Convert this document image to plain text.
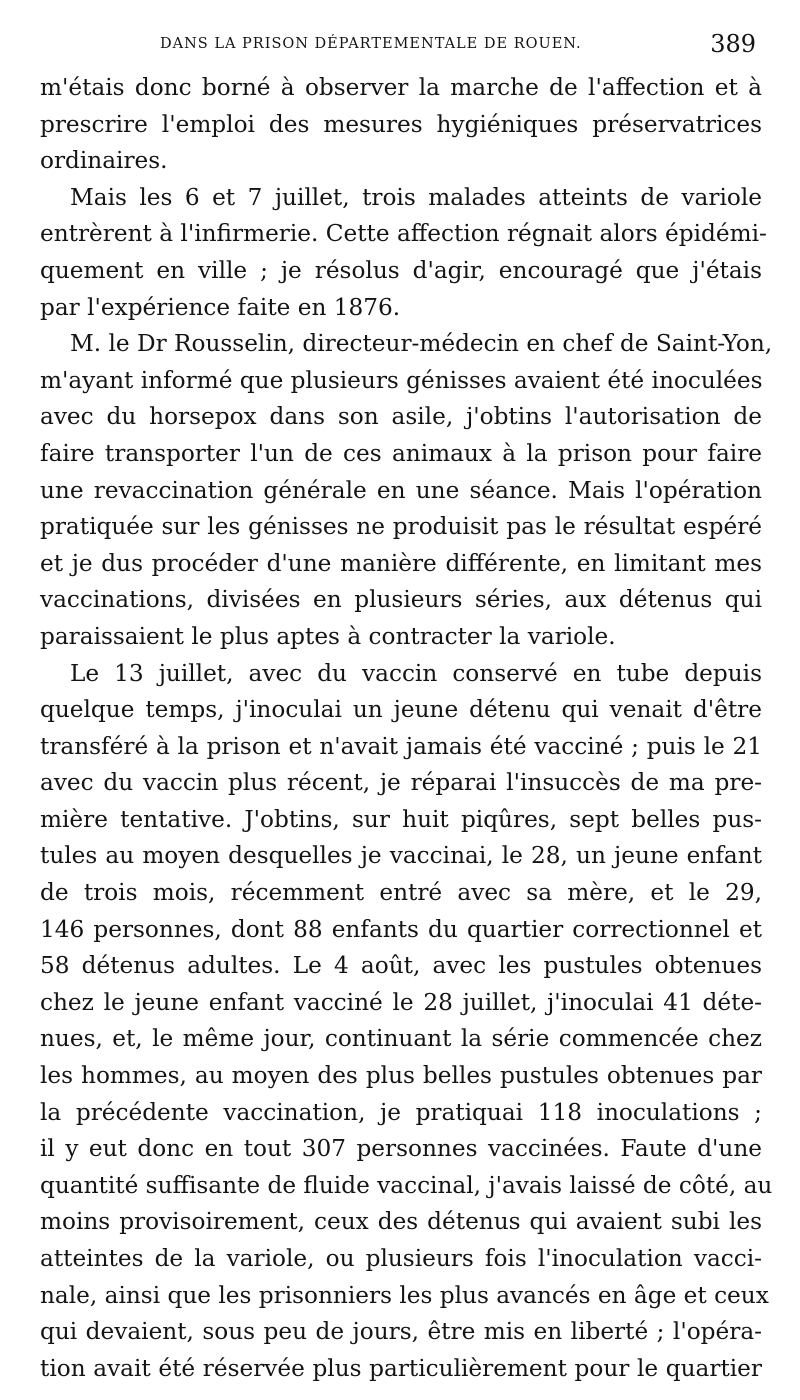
DANS LA PRISON DÉPARTEMENTALE DE ROUEN.	389
m'étais donc borné à observer la marche de l'affection et à
prescrire l'emploi des mesures hygiéniques préservatrices
ordinaires.
Mais les 6 et 7 juillet, trois malades atteints de variole
entrèrent à l'infirmerie. Cette affection régnait alors épidémi-
quement en ville ; je résolus d'agir, encouragé que j'étais
par l'expérience faite en 1876.
M. le Dr Rousselin, directeur-médecin en chef de Saint-Yon,
m'ayant informé que plusieurs génisses avaient été inoculées
avec du horsepox dans son asile, j'obtins l'autorisation de
faire transporter l'un de ces animaux à la prison pour faire
une revaccination générale en une séance. Mais l'opération
pratiquée sur les génisses ne produisit pas le résultat espéré
et je dus procéder d'une manière différente, en limitant mes
vaccinations, divisées en plusieurs séries, aux détenus qui
paraissaient le plus aptes à contracter la variole.
Le 13 juillet, avec du vaccin conservé en tube depuis
quelque temps, j'inoculai un jeune détenu qui venait d'être
transféré à la prison et n'avait jamais été vacciné ; puis le 21
avec du vaccin plus récent, je réparai l'insuccès de ma pre-
mière tentative. J'obtins, sur huit piqûres, sept belles pus-
tules au moyen desquelles je vaccinai, le 28, un jeune enfant
de trois mois, récemment entré avec sa mère, et le 29,
146 personnes, dont 88 enfants du quartier correctionnel et
58 détenus adultes. Le 4 août, avec les pustules obtenues
chez le jeune enfant vacciné le 28 juillet, j'inoculai 41 déte-
nues, et, le même jour, continuant la série commencée chez
les hommes, au moyen des plus belles pustules obtenues par
la précédente vaccination, je pratiquai 118 inoculations ;
il y eut donc en tout 307 personnes vaccinées. Faute d'une
quantité suffisante de fluide vaccinal, j'avais laissé de côté, au
moins provisoirement, ceux des détenus qui avaient subi les
atteintes de la variole, ou plusieurs fois l'inoculation vacci-
nale, ainsi que les prisonniers les plus avancés en âge et ceux
qui devaient, sous peu de jours, être mis en liberté ; l'opéra-
tion avait été réservée plus particulièrement pour le quartier
